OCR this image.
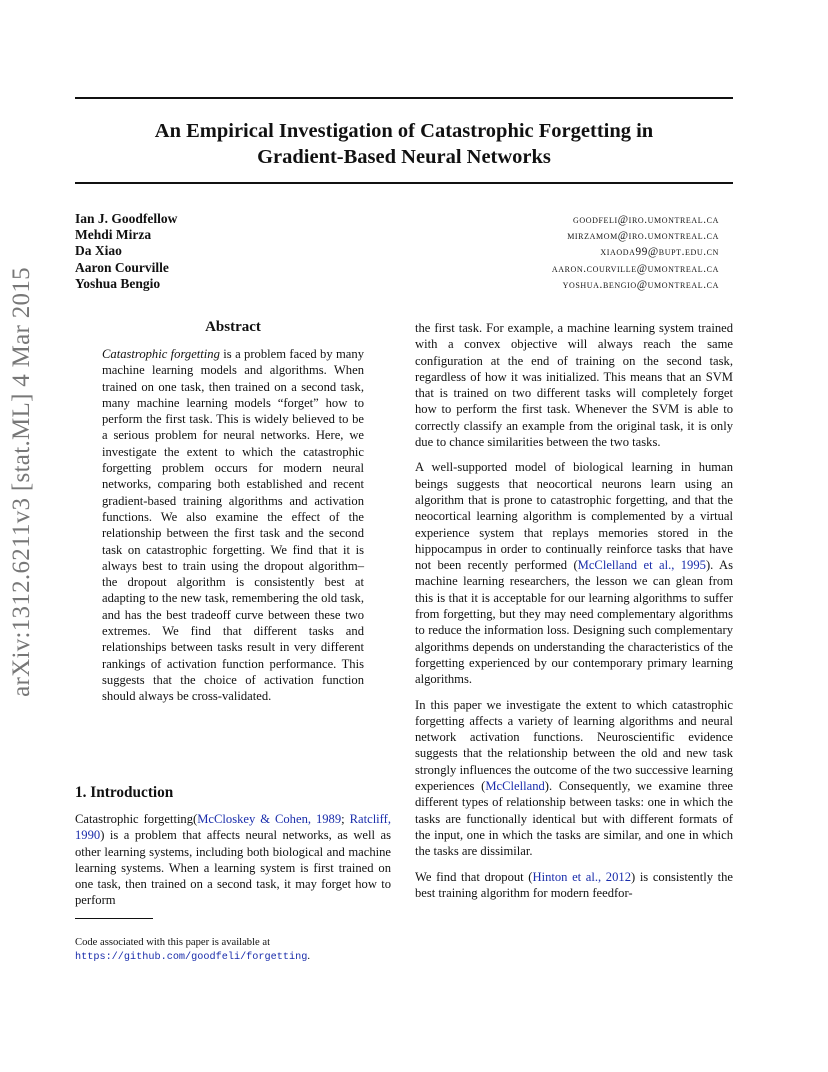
An Empirical Investigation of Catastrophic Forgetting in
Gradient-Based Neural Networks
Ian J. Goodfellow	goodfeli@iro.umontreal.ca
Mehdi Mirza	mirzamom@iro.umontreal.ca
Da Xiao	xiaoda99@bupt.edu.cn
Aaron Courville	aaron.courville@umontreal.ca
Yoshua Bengio	yoshua.bengio@umontreal.ca
arXiv:1312.6211v3 [stat.ML] 4 Mar 2015	Abstract
Catastrophic forgetting is a problem faced by many machine learning models and algorithms. When trained on one task, then trained on a second task, many machine learning models “forget” how to perform the first task. This is widely believed to be a serious problem for neural networks. Here, we investigate the extent to which the catastrophic forgetting problem occurs for modern neural networks, comparing both established and recent gradient-based training algorithms and activation functions. We also examine the effect of the relationship between the first task and the second task on catastrophic forgetting. We find that it is always best to train using the dropout algorithm–the dropout algorithm is consistently best at adapting to the new task, remembering the old task, and has the best tradeoff curve between these two extremes. We find that different tasks and relationships between tasks result in very different rankings of activation function performance. This suggests that the choice of activation function should always be cross-validated.
1. Introduction
Catastrophic forgetting(McCloskey & Cohen, 1989; Ratcliff, 1990) is a problem that affects neural networks, as well as other learning systems, including both biological and machine learning systems. When a learning system is first trained on one task, then trained on a second task, it may forget how to perform
Code associated with this paper is available at https://github.com/goodfeli/forgetting.

the first task. For example, a machine learning system trained with a convex objective will always reach the same configuration at the end of training on the second task, regardless of how it was initialized. This means that an SVM that is trained on two different tasks will completely forget how to perform the first task. Whenever the SVM is able to correctly classify an example from the original task, it is only due to chance similarities between the two tasks.

A well-supported model of biological learning in human beings suggests that neocortical neurons learn using an algorithm that is prone to catastrophic forgetting, and that the neocortical learning algorithm is complemented by a virtual experience system that replays memories stored in the hippocampus in order to continually reinforce tasks that have not been recently performed (McClelland et al., 1995). As machine learning researchers, the lesson we can glean from this is that it is acceptable for our learning algorithms to suffer from forgetting, but they may need complementary algorithms to reduce the information loss. Designing such complementary algorithms depends on understanding the characteristics of the forgetting experienced by our contemporary primary learning algorithms.

In this paper we investigate the extent to which catastrophic forgetting affects a variety of learning algorithms and neural network activation functions. Neuroscientific evidence suggests that the relationship between the old and new task strongly influences the outcome of the two successive learning experiences (McClelland). Consequently, we examine three different types of relationship between tasks: one in which the tasks are functionally identical but with different formats of the input, one in which the tasks are similar, and one in which the tasks are dissimilar.

We find that dropout (Hinton et al., 2012) is consistently the best training algorithm for modern feedfor-
